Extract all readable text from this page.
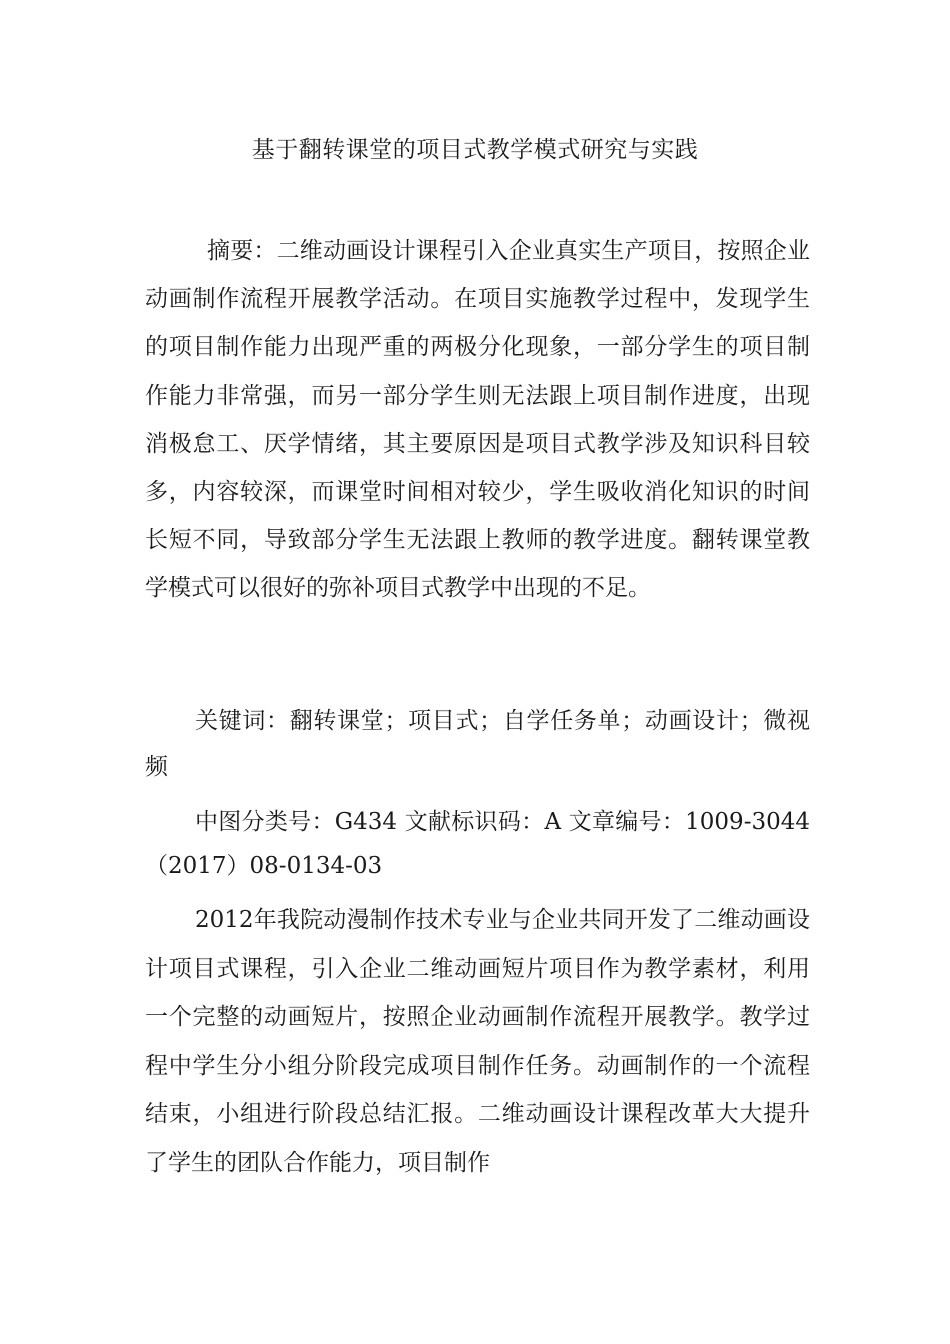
基于翻转课堂的项目式教学模式研究与实践
摘要：二维动画设计课程引入企业真实生产项目，按照企业动画制作流程开展教学活动。在项目实施教学过程中，发现学生的项目制作能力出现严重的两极分化现象，一部分学生的项目制作能力非常强，而另一部分学生则无法跟上项目制作进度，出现消极怠工、厌学情绪，其主要原因是项目式教学涉及知识科目较多，内容较深，而课堂时间相对较少，学生吸收消化知识的时间长短不同，导致部分学生无法跟上教师的教学进度。翻转课堂教学模式可以很好的弥补项目式教学中出现的不足。
关键词：翻转课堂；项目式；自学任务单；动画设计；微视频
中图分类号：G434 文献标识码：A 文章编号：1009-3044（2017）08-0134-03
2012年我院动漫制作技术专业与企业共同开发了二维动画设计项目式课程，引入企业二维动画短片项目作为教学素材，利用一个完整的动画短片，按照企业动画制作流程开展教学。教学过程中学生分小组分阶段完成项目制作任务。动画制作的一个流程结束，小组进行阶段总结汇报。二维动画设计课程改革大大提升了学生的团队合作能力，项目制作
